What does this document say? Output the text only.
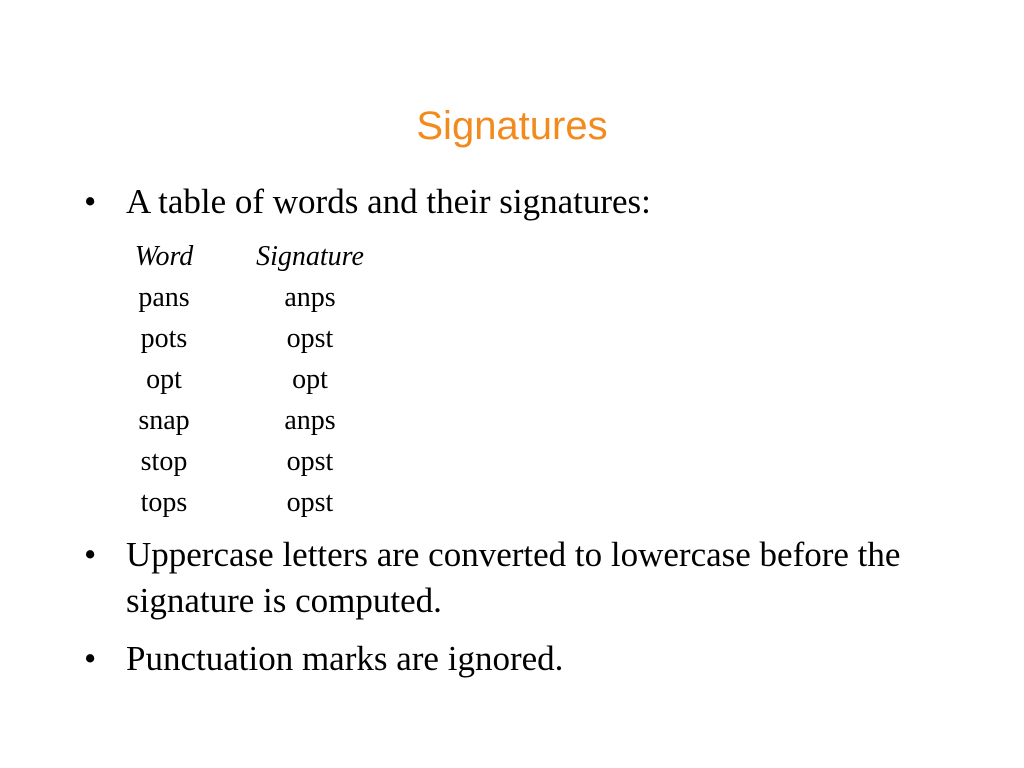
Signatures
• A table of words and their signatures:
Word		Signature
pans		anps
pots		opst
opt		opt
snap		anps
stop		opst
tops		opst
• Uppercase letters are converted to lowercase before the signature is computed.
• Punctuation marks are ignored.
